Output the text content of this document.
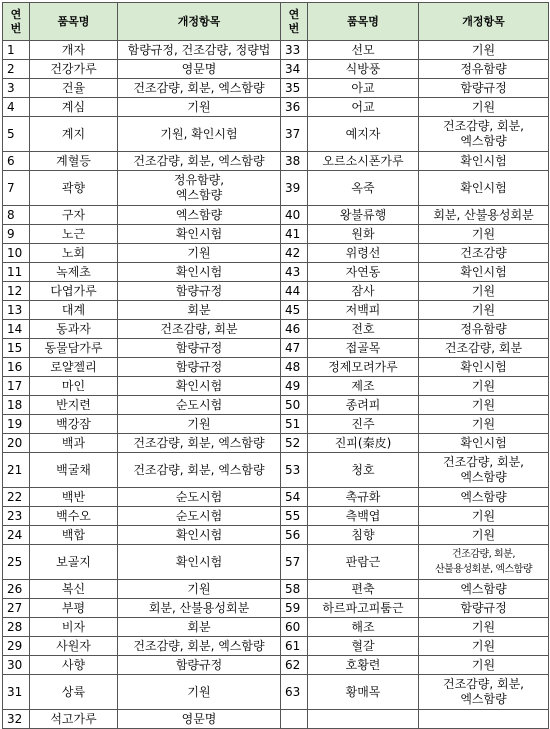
연
번	품목명	개정항목	연
번	품목명	개정항목
1	개자	함량규정, 건조감량, 정량법	33	선모	기원
2	건강가루	영문명	34	식방풍	정유함량
3	건율	건조감량, 회분, 엑스함량	35	아교	함량규정
4	계심	기원	36	어교	기원
5	계지	기원, 확인시험	37	예지자	건조감량, 회분,
엑스함량
6	계혈등	건조감량, 회분, 엑스함량	38	오르소시폰가루	확인시험
7	곽향	정유함량,
엑스함량	39	옥죽	확인시험
8	구자	엑스함량	40	왕불류행	회분, 산불용성회분
9	노근	확인시험	41	원화	기원
10	노회	기원	42	위령선	건조감량
11	녹제초	확인시험	43	자연동	확인시험
12	다엽가루	함량규정	44	잠사	기원
13	대계	회분	45	저백피	기원
14	동과자	건조감량, 회분	46	전호	정유함량
15	동물담가루	함량규정	47	접골목	건조감량, 회분
16	로얄젤리	함량규정	48	정제모려가루	확인시험
17	마인	확인시험	49	제조	기원
18	반지련	순도시험	50	종려피	기원
19	백강잠	기원	51	진주	기원
20	백과	건조감량, 회분, 엑스함량	52	진피(秦皮)	확인시험
21	백굴채	건조감량, 회분, 엑스함량	53	청호	건조감량, 회분,
엑스함량
22	백반	순도시험	54	촉규화	엑스함량
23	백수오	순도시험	55	측백엽	기원
24	백합	확인시험	56	침향	기원
25	보골지	확인시험	57	판람근	건조감량, 회분,
산불용성회분, 엑스함량
26	복신	기원	58	편축	엑스함량
27	부평	회분, 산불용성회분	59	하르파고피툼근	함량규정
28	비자	회분	60	해조	기원
29	사원자	건조감량, 회분, 엑스함량	61	혈갈	기원
30	사향	함량규정	62	호황련	기원
31	상륙	기원	63	황매목	건조감량, 회분,
엑스함량
32	석고가루	영문명			
